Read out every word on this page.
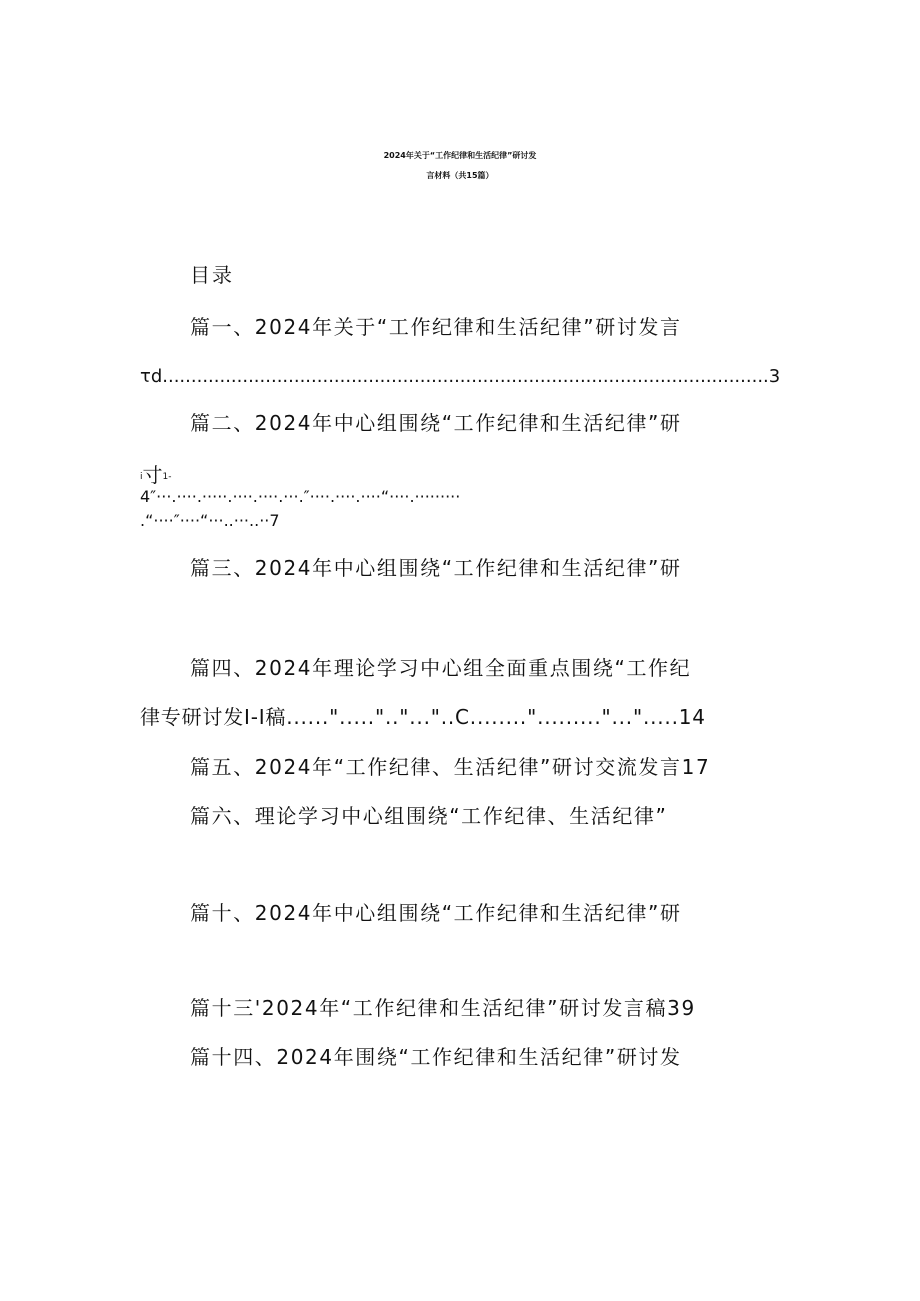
2024年关于“工作纪律和生活纪律”研讨发
言材料（共15篇）
目录
篇一、2024年关于“工作纪律和生活纪律”研讨发言
τd..........................................................................................................3
篇二、2024年中心组围绕“工作纪律和生活纪律”研
i寸1-
4″···.····.·····.····.····.···.″····.····.····“····.·········
.“····″····“···..···..··7
篇三、2024年中心组围绕“工作纪律和生活纪律”研
篇四、2024年理论学习中心组全面重点围绕“工作纪
律专研讨发I-I稿......".....".."..."..C........"........."...".....14
篇五、2024年“工作纪律、生活纪律”研讨交流发言17
篇六、理论学习中心组围绕“工作纪律、生活纪律”
篇十、2024年中心组围绕“工作纪律和生活纪律”研
篇十三'2024年“工作纪律和生活纪律”研讨发言稿39
篇十四、2024年围绕“工作纪律和生活纪律”研讨发
